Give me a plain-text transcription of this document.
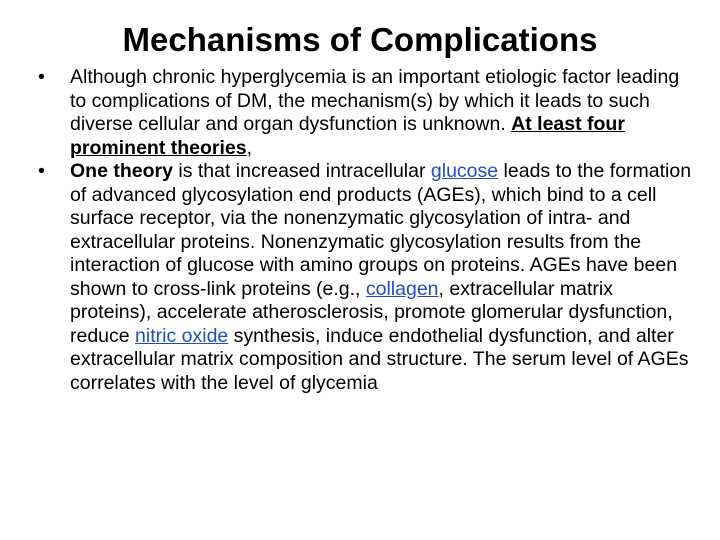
Mechanisms of Complications
•	Although chronic hyperglycemia is an important etiologic factor leading to complications of DM, the mechanism(s) by which it leads to such diverse cellular and organ dysfunction is unknown. At least four prominent theories,
•	One theory is that increased intracellular glucose leads to the formation of advanced glycosylation end products (AGEs), which bind to a cell surface receptor, via the nonenzymatic glycosylation of intra- and extracellular proteins. Nonenzymatic glycosylation results from the interaction of glucose with amino groups on proteins. AGEs have been shown to cross-link proteins (e.g., collagen, extracellular matrix proteins), accelerate atherosclerosis, promote glomerular dysfunction, reduce nitric oxide synthesis, induce endothelial dysfunction, and alter extracellular matrix composition and structure. The serum level of AGEs correlates with the level of glycemia
